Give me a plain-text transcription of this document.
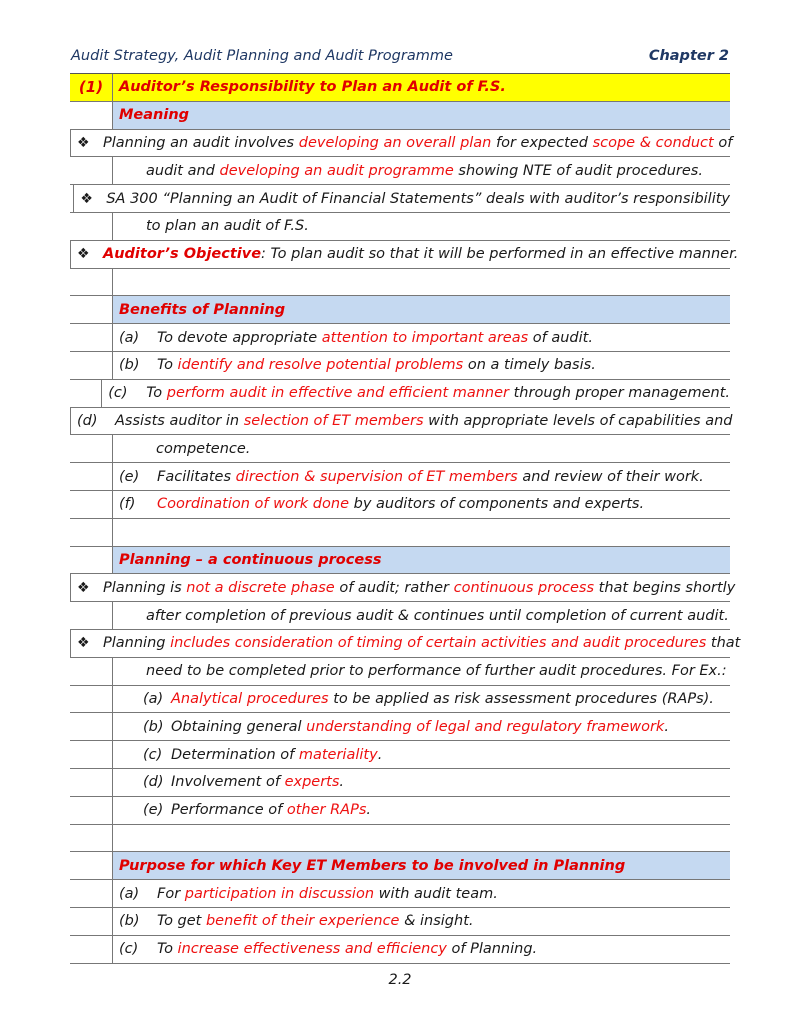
Audit Strategy, Audit Planning and Audit Programme	Chapter 2
(1)	Auditor’s Responsibility to Plan an Audit of F.S.
Meaning
❖ Planning an audit involves
developing an overall plan
for expected
scope & conduct
of
audit and
developing an audit programme
showing NTE of audit procedures.
❖ SA 300 “Planning an Audit of Financial Statements” deals with auditor’s responsibility
to plan an audit of F.S.
❖ Auditor’s Objective : To plan audit so that it will be performed in an effective manner.
Benefits of Planning
(a)	To devote appropriate
attention to important areas
of audit.
(b)	To
identify and resolve potential problems
on a timely basis.
(c)	To
perform audit in effective and efficient manner
through proper management.
(d)	Assists auditor in
selection of ET members
with appropriate levels of capabilities and
competence.
(e)	Facilitates
direction & supervision of ET members
and review of their work.
(f)	Coordination of work done
by auditors of components and experts.
Planning – a continuous process
❖ Planning is
not a discrete phase
of audit; rather
continuous process
that begins shortly
after completion of previous audit & continues until completion of current audit.
❖ Planning
includes consideration of timing of certain activities and audit procedures
that
need to be completed prior to performance of further audit procedures. For Ex.:
(a) Analytical procedures
to be applied as risk assessment procedures (RAPs).
(b) Obtaining general
understanding of legal and regulatory framework .
(c) Determination of
materiality .
(d) Involvement of
experts .
(e) Performance of
other RAPs .
Purpose for which Key ET Members to be involved in Planning
(a)	For
participation in discussion
with audit team.
(b)	To get
benefit of their experience
& insight.
(c)	To
increase effectiveness and efficiency
of Planning.
2.2
